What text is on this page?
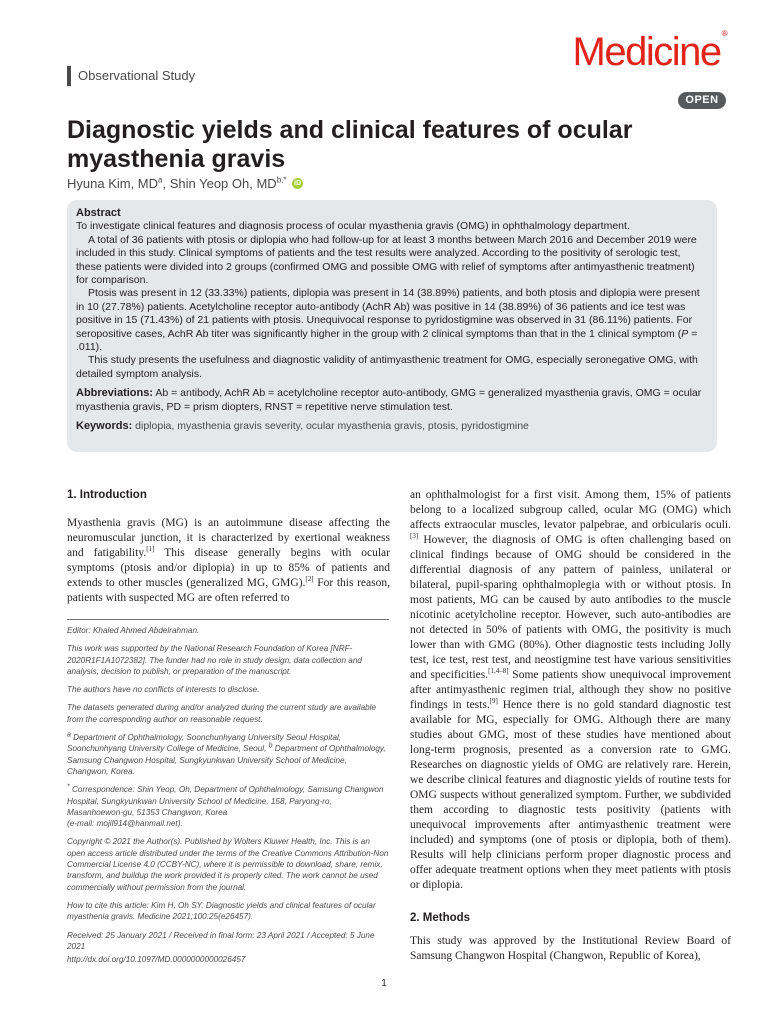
Observational Study
Medicine®
OPEN
Diagnostic yields and clinical features of ocular
myasthenia gravis
Hyuna Kim, $MD^a$, Shin Yeop Oh, $MD^{b,*}$ iD

Abstract

To investigate clinical features and diagnosis process of ocular myasthenia gravis (OMG) in ophthalmology department.

A total of 36 patients with ptosis or diplopia who had follow-up for at least 3 months between March 2016 and December 2019 were included in this study. Clinical symptoms of patients and the test results were analyzed. According to the positivity of serologic test, these patients were divided into 2 groups (confirmed OMG and possible OMG with relief of symptoms after antimyasthenic treatment) for comparison.

Ptosis was present in 12 (33.33%) patients, diplopia was present in 14 (38.89%) patients, and both ptosis and diplopia were present in 10 (27.78%) patients. Acetylcholine receptor auto-antibody (AchR Ab) was positive in 14 (38.89%) of 36 patients and ice test was positive in 15 (71.43%) of 21 patients with ptosis. Unequivocal response to pyridostigmine was observed in 31 (86.11%) patients. For seropositive cases, AchR Ab titer was significantly higher in the group with 2 clinical symptoms than that in the 1 clinical symptom (P = .011).

This study presents the usefulness and diagnostic validity of antimyasthenic treatment for OMG, especially seronegative OMG, with detailed symptom analysis.

Abbreviations: Ab = antibody, AchR Ab = acetylcholine receptor auto-antibody, GMG = generalized myasthenia gravis, OMG = ocular myasthenia gravis, PD = prism diopters, RNST = repetitive nerve stimulation test.

Keywords: diplopia, myasthenia gravis severity, ocular myasthenia gravis, ptosis, pyridostigmine

1. Introduction

Myasthenia gravis (MG) is an autoimmune disease affecting the neuromuscular junction, it is characterized by exertional weakness and fatigability.[1] This disease generally begins with ocular symptoms (ptosis and/or diplopia) in up to 85% of patients and extends to other muscles (generalized MG, GMG).[2] For this reason, patients with suspected MG are often referred to

Editor: Khaled Ahmed Abdelrahman.

This work was supported by the National Research Foundation of Korea [NRF-2020R1F1A1072382]. The funder had no role in study design, data collection and analysis, decision to publish, or preparation of the manuscript.

The authors have no conflicts of interests to disclose.

The datasets generated during and/or analyzed during the current study are available from the corresponding author on reasonable request.

$^a$ Department of Ophthalmology, Soonchunhyang University Seoul Hospital, Soonchunhyang University College of Medicine, Seoul, $^b$ Department of Ophthalmology, Samsung Changwon Hospital, Sungkyunkwan University School of Medicine, Changwon, Korea.

* Correspondence: Shin Yeop, Oh, Department of Ophthalmology, Samsung Changwon Hospital, Sungkyunkwan University School of Medicine, 158, Paryong-ro, Masanhoewon-gu, 51353 Changwon, Korea
(e-mail: mojil914@hanmail.net).

Copyright © 2021 the Author(s). Published by Wolters Kluwer Health, Inc. This is an open access article distributed under the terms of the Creative Commons Attribution-Non Commercial License 4.0 (CCBY-NC), where it is permissible to download, share, remix, transform, and buildup the work provided it is properly cited. The work cannot be used commercially without permission from the journal.

How to cite this article: Kim H, Oh SY. Diagnostic yields and clinical features of ocular myasthenia gravis. Medicine 2021;100:25(e26457).

Received: 25 January 2021 / Received in final form: 23 April 2021 / Accepted: 5 June 2021

http://dx.doi.org/10.1097/MD.0000000000026457

an ophthalmologist for a first visit. Among them, 15% of patients belong to a localized subgroup called, ocular MG (OMG) which affects extraocular muscles, levator palpebrae, and orbicularis oculi.[3] However, the diagnosis of OMG is often challenging based on clinical findings because of OMG should be considered in the differential diagnosis of any pattern of painless, unilateral or bilateral, pupil-sparing ophthalmoplegia with or without ptosis. In most patients, MG can be caused by auto antibodies to the muscle nicotinic acetylcholine receptor. However, such auto-antibodies are not detected in 50% of patients with OMG, the positivity is much lower than with GMG (80%). Other diagnostic tests including Jolly test, ice test, rest test, and neostigmine test have various sensitivities and specificities.[1,4–8] Some patients show unequivocal improvement after antimyasthenic regimen trial, although they show no positive findings in tests.[9] Hence there is no gold standard diagnostic test available for MG, especially for OMG. Although there are many studies about GMG, most of these studies have mentioned about long-term prognosis, presented as a conversion rate to GMG. Researches on diagnostic yields of OMG are relatively rare. Herein, we describe clinical features and diagnostic yields of routine tests for OMG suspects without generalized symptom. Further, we subdivided them according to diagnostic tests positivity (patients with unequivocal improvements after antimyasthenic treatment were included) and symptoms (one of ptosis or diplopia, both of them). Results will help clinicians perform proper diagnostic process and offer adequate treatment options when they meet patients with ptosis or diplopia.

2. Methods

This study was approved by the Institutional Review Board of Samsung Changwon Hospital (Changwon, Republic of Korea),

1
